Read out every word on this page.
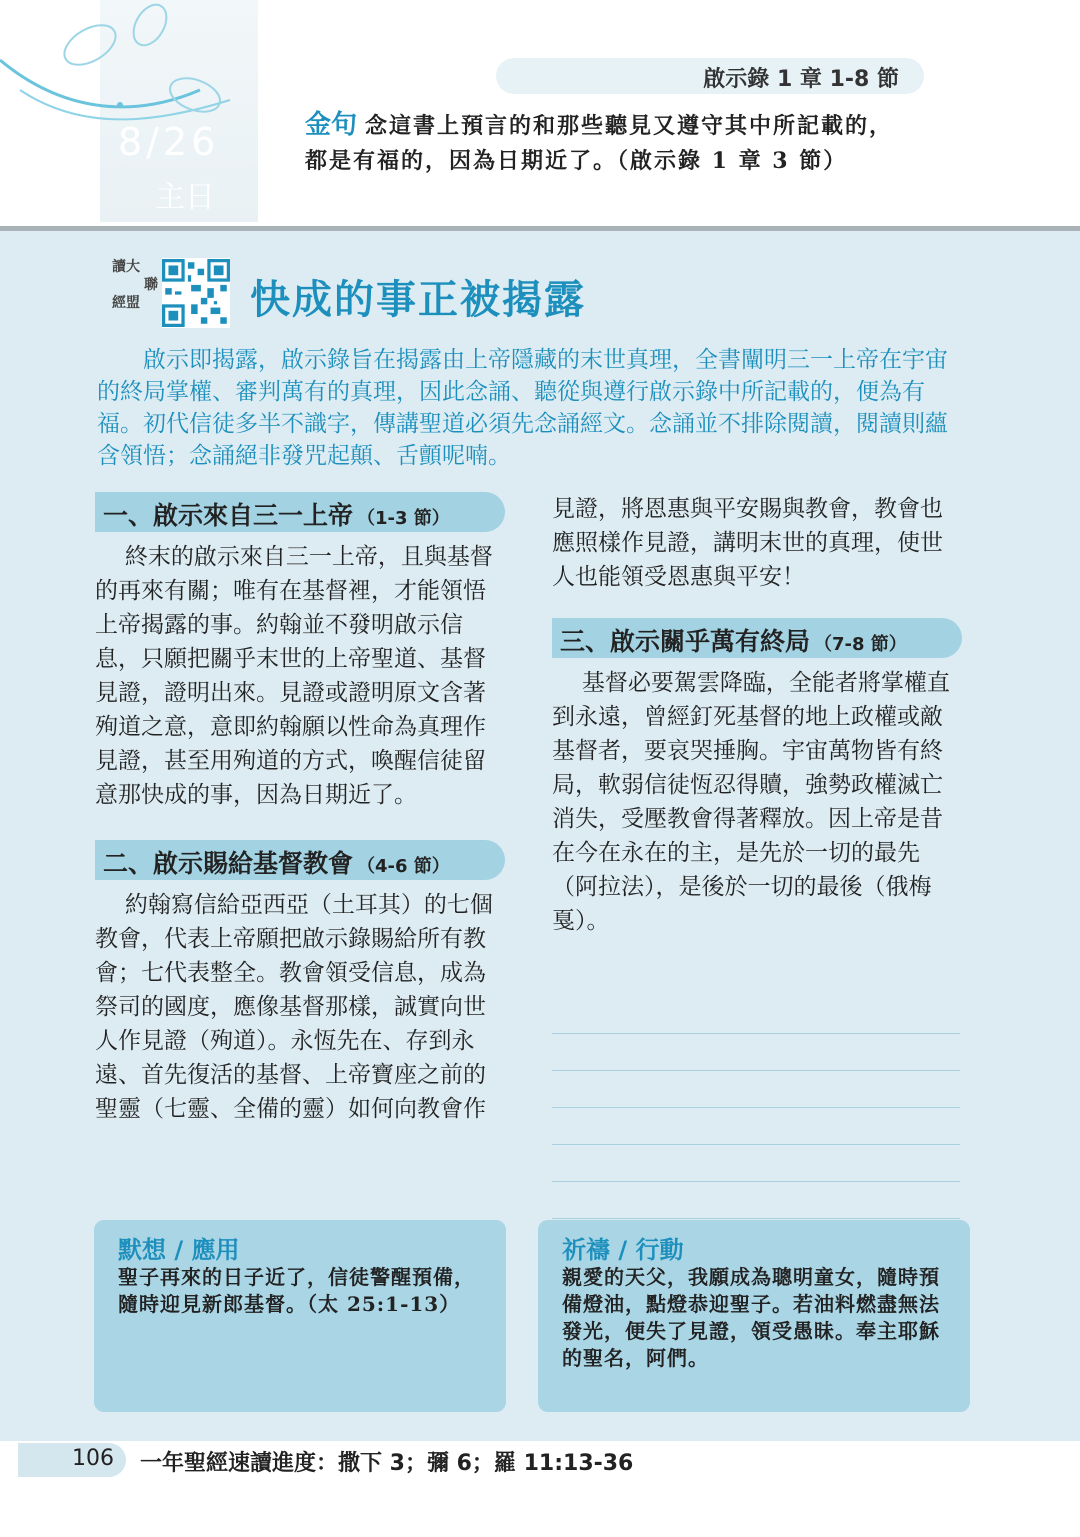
8/26
主日
啟示錄 1 章 1-8 節
金句 念這書上預言的和那些聽見又遵守其中所記載的，
都是有福的，因為日期近了。（啟示錄 1 章 3 節）
讀大
聯
經盟	快成的事正被揭露
啟示即揭露，啟示錄旨在揭露由上帝隱藏的末世真理，全書闡明三一上帝在宇宙的終局掌權、審判萬有的真理，因此念誦、聽從與遵行啟示錄中所記載的，便為有福。初代信徒多半不識字，傳講聖道必須先念誦經文。念誦並不排除閱讀，閱讀則蘊含領悟；念誦絕非發咒起顛、舌顫呢喃。
一、啟示來自三一上帝 （1-3 節）

終末的啟示來自三一上帝，且與基督的再來有關；唯有在基督裡，才能領悟上帝揭露的事。約翰並不發明啟示信息，只願把關乎末世的上帝聖道、基督見證，證明出來。見證或證明原文含著殉道之意，意即約翰願以性命為真理作見證，甚至用殉道的方式，喚醒信徒留意那快成的事，因為日期近了。

二、啟示賜給基督教會 （4-6 節）

約翰寫信給亞西亞（土耳其）的七個教會，代表上帝願把啟示錄賜給所有教會；七代表整全。教會領受信息，成為祭司的國度，應像基督那樣，誠實向世人作見證（殉道）。永恆先在、存到永遠、首先復活的基督、上帝寶座之前的聖靈（七靈、全備的靈）如何向教會作

見證，將恩惠與平安賜與教會，教會也應照樣作見證，講明末世的真理，使世人也能領受恩惠與平安！

三、啟示關乎萬有終局 （7-8 節）

基督必要駕雲降臨，全能者將掌權直到永遠，曾經釘死基督的地上政權或敵基督者，要哀哭捶胸。宇宙萬物皆有終局，軟弱信徒恆忍得贖，強勢政權滅亡消失，受壓教會得著釋放。因上帝是昔在今在永在的主，是先於一切的最先（阿拉法），是後於一切的最後（俄梅戛）。

默想 / 應用
聖子再來的日子近了，信徒警醒預備，隨時迎見新郎基督。（太 25:1-13）
祈禱 / 行動
親愛的天父，我願成為聰明童女，隨時預備燈油，點燈恭迎聖子。若油料燃盡無法發光，便失了見證，領受愚昧。奉主耶穌的聖名，阿們。
106 一年聖經速讀進度：撒下 3；彌 6；羅 11:13-36
